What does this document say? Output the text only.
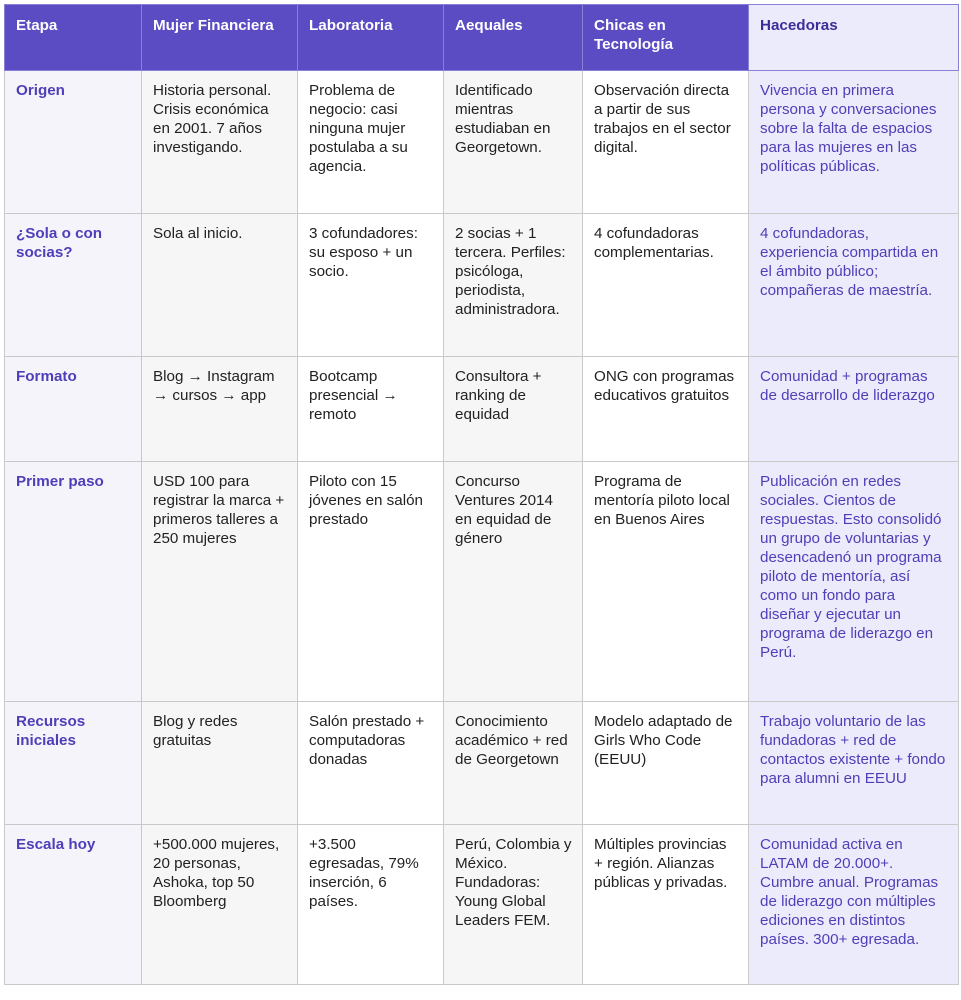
Etapa	Mujer Financiera	Laboratoria	Aequales	Chicas en Tecnología	Hacedoras
Origen	Historia personal. Crisis económica en 2001. 7 años investigando.	Problema de negocio: casi ninguna mujer postulaba a su agencia.	Identificado mientras estudiaban en Georgetown.	Observación directa a partir de sus trabajos en el sector digital.	Vivencia en primera persona y conversaciones sobre la falta de espacios para las mujeres en las políticas públicas.
¿Sola o con socias?	Sola al inicio.	3 cofundadores: su esposo + un socio.	2 socias + 1 tercera. Perfiles: psicóloga, periodista, administradora.	4 cofundadoras complementarias.	4 cofundadoras, experiencia compartida en el ámbito público; compañeras de maestría.
Formato	Blog → Instagram → cursos → app	Bootcamp presencial → remoto	Consultora + ranking de equidad	ONG con programas educativos gratuitos	Comunidad + programas de desarrollo de liderazgo
Primer paso	USD 100 para registrar la marca + primeros talleres a 250 mujeres	Piloto con 15 jóvenes en salón prestado	Concurso Ventures 2014 en equidad de género	Programa de mentoría piloto local en Buenos Aires	Publicación en redes sociales. Cientos de respuestas. Esto consolidó un grupo de voluntarias y desencadenó un programa piloto de mentoría, así como un fondo para diseñar y ejecutar un programa de liderazgo en Perú.
Recursos iniciales	Blog y redes gratuitas	Salón prestado + computadoras donadas	Conocimiento académico + red de Georgetown	Modelo adaptado de Girls Who Code (EEUU)	Trabajo voluntario de las fundadoras + red de contactos existente + fondo para alumni en EEUU
Escala hoy	+500.000 mujeres, 20 personas, Ashoka, top 50 Bloomberg	+3.500 egresadas, 79% inserción, 6 países.	Perú, Colombia y México. Fundadoras: Young Global Leaders FEM.	Múltiples provincias + región. Alianzas públicas y privadas.	Comunidad activa en LATAM de 20.000+. Cumbre anual. Programas de liderazgo con múltiples ediciones en distintos países. 300+ egresada.
